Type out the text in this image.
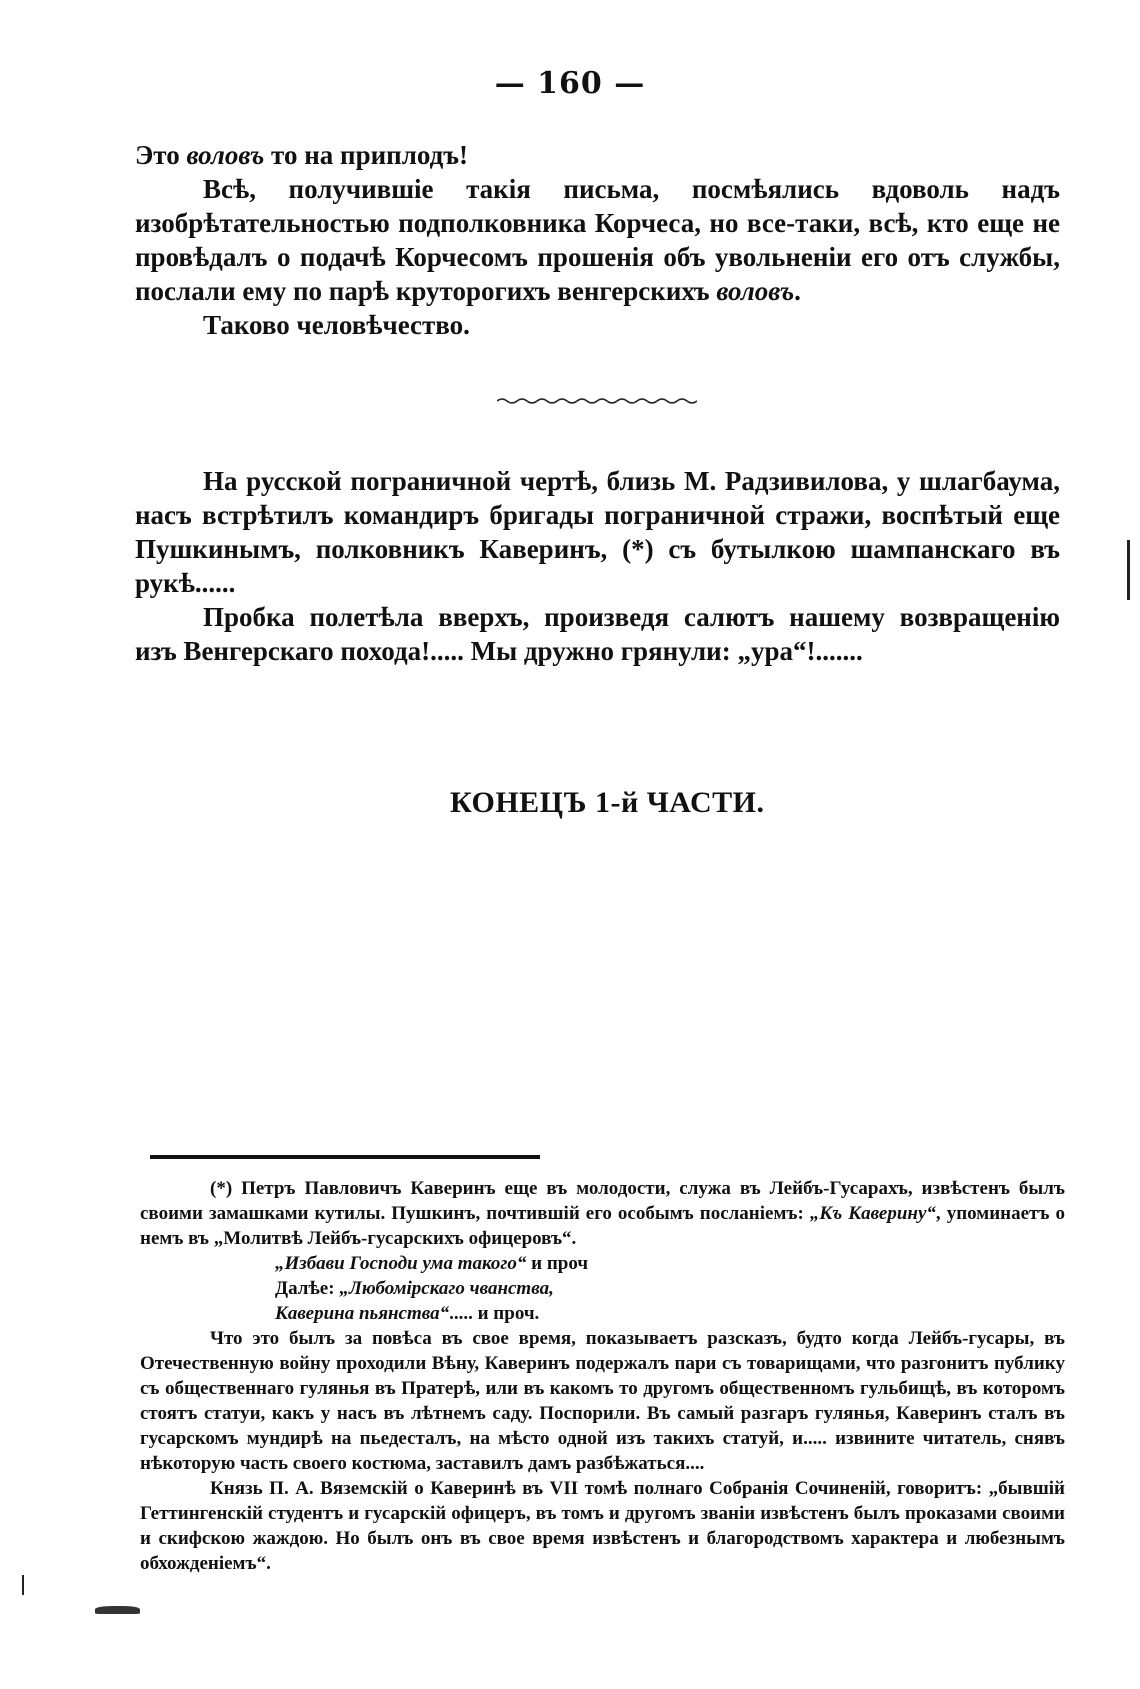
— 160 —

Это воловъ то на приплодъ!

Всѣ, получившіе такія письма, посмѣялись вдоволь надъ изобрѣтательностью подполковника Корчеса, но все-таки, всѣ, кто еще не провѣдалъ о подачѣ Корчесомъ прошенія объ увольненіи его отъ службы, послали ему по парѣ круторогихъ венгерскихъ воловъ.

Таково человѣчество.

На русской пограничной чертѣ, близь М. Радзивилова, у шлагбаума, насъ встрѣтилъ командиръ бригады пограничной стражи, воспѣтый еще Пушкинымъ, полковникъ Каверинъ, (*) съ бутылкою шампанскаго въ рукѣ......

Пробка полетѣла вверхъ, произведя салютъ нашему возвращенію изъ Венгерскаго похода!..... Мы дружно грянули: „ура“!.......

КОНЕЦЪ 1-й ЧАСТИ.

(*) Петръ Павловичъ Каверинъ еще въ молодости, служа въ Лейбъ-Гусарахъ, извѣстенъ былъ своими замашками кутилы. Пушкинъ, почтившій его особымъ посланіемъ: „Къ Каверину“, упоминаетъ о немъ въ „Молитвѣ Лейбъ-гусарскихъ офицеровъ“.

„Избави Господи ума такого“ и проч

Далѣе: „Любомірскаго чванства,

Каверина пьянства“..... и проч.

Что это былъ за повѣса въ свое время, показываетъ разсказъ, будто когда Лейбъ-гусары, въ Отечественную войну проходили Вѣну, Каверинъ подержалъ пари съ товарищами, что разгонитъ публику съ общественнаго гулянья въ Пратерѣ, или въ какомъ то другомъ общественномъ гульбищѣ, въ которомъ стоятъ статуи, какъ у насъ въ лѣтнемъ саду. Поспорили. Въ самый разгаръ гулянья, Каверинъ сталъ въ гусарскомъ мундирѣ на пьедесталъ, на мѣсто одной изъ такихъ статуй, и..... извините читатель, снявъ нѣкоторую часть своего костюма, заставилъ дамъ разбѣжаться....

Князь П. А. Вяземскій о Каверинѣ въ VII томѣ полнаго Собранія Сочиненій, говоритъ: „бывшій Геттингенскій студентъ и гусарскій офицеръ, въ томъ и другомъ званіи извѣстенъ былъ проказами своими и скифскою жаждою. Но былъ онъ въ свое время извѣстенъ и благородствомъ характера и любезнымъ обхожденіемъ“.
